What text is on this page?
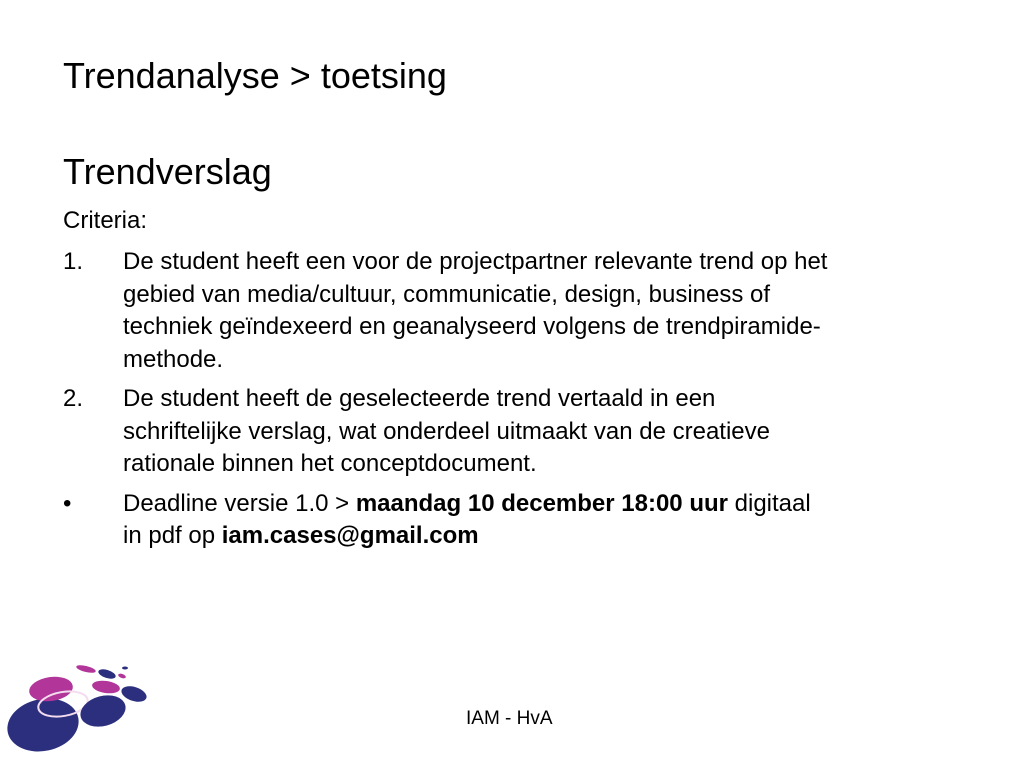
Trendanalyse > toetsing
Trendverslag
Criteria:
1. De student heeft een voor de projectpartner relevante trend op het
gebied van media/cultuur, communicatie, design, business of
techniek geïndexeerd en geanalyseerd volgens de trendpiramide-
methode.
2. De student heeft de geselecteerde trend vertaald in een
schriftelijke verslag, wat onderdeel uitmaakt van de creatieve
rationale binnen het conceptdocument.
• Deadline versie 1.0 > maandag 10 december 18:00 uur digitaal
in pdf op iam.cases@gmail.com
IAM - HvA
